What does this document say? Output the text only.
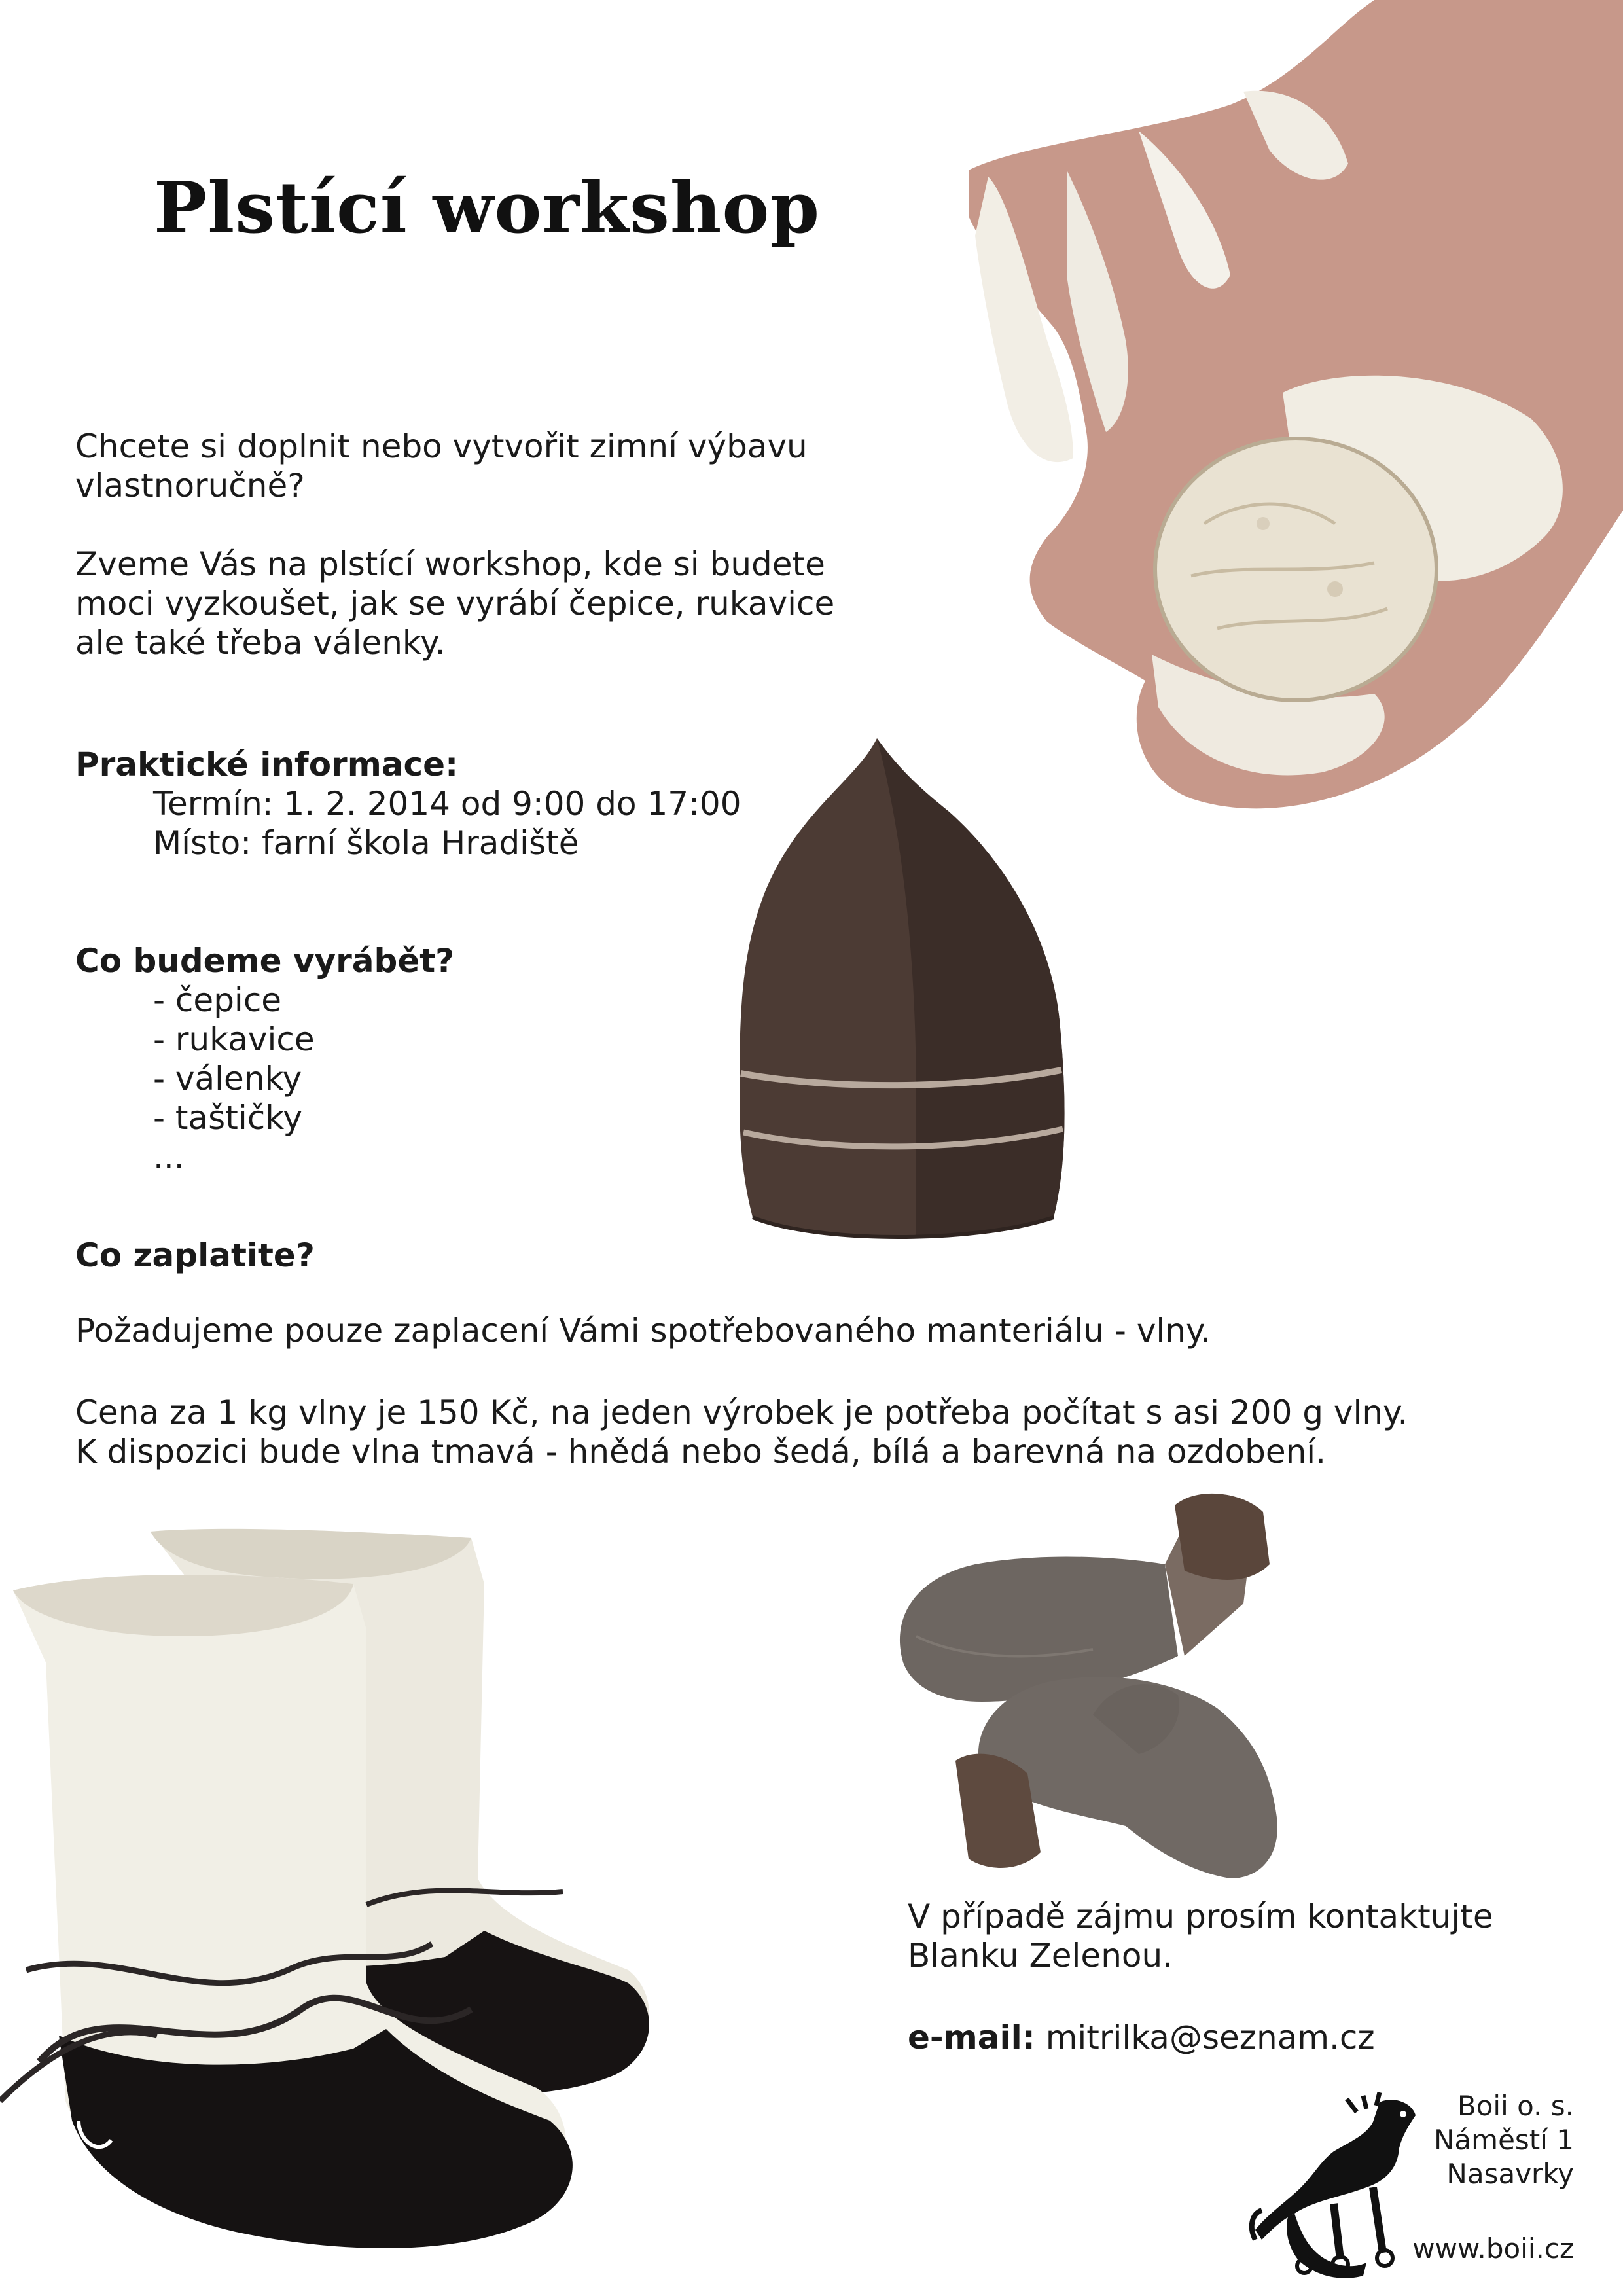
Plstící workshop
Chcete si doplnit nebo vytvořit zimní výbavu
vlastnoručně?
Zveme Vás na plstící workshop, kde si budete
moci vyzkoušet, jak se vyrábí čepice, rukavice
ale také třeba válenky.
Praktické informace:
Termín: 1. 2. 2014 od 9:00 do 17:00
Místo: farní škola Hradiště
Co budeme vyrábět?
- čepice
- rukavice
- válenky
- taštičky
...
Co zaplatite?
Požadujeme pouze zaplacení Vámi spotřebovaného manteriálu - vlny.
Cena za 1 kg vlny je 150 Kč, na jeden výrobek je potřeba počítat s asi 200 g vlny.
K dispozici bude vlna tmavá - hnědá nebo šedá, bílá a barevná na ozdobení.
V případě zájmu prosím kontaktujte
Blanku Zelenou.
e-mail: mitrilka@seznam.cz
Boii o. s.
Náměstí 1
Nasavrky
www.boii.cz
